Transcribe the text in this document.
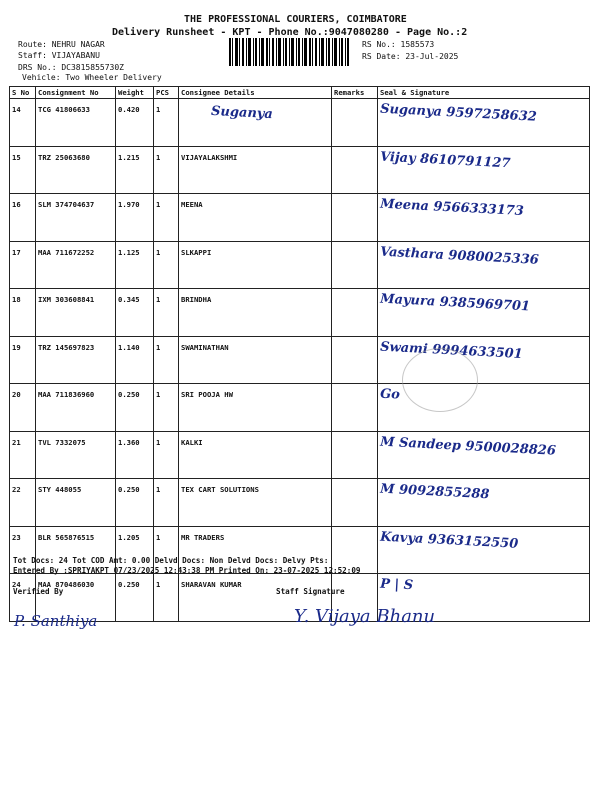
THE PROFESSIONAL COURIERS, COIMBATORE
Delivery Runsheet - KPT - Phone No.:9047080280 - Page No.:2
Route: NEHRU NAGAR
Staff: VIJAYABANU
DRS No.: DC3815855730Z
Vehicle: Two Wheeler Delivery
RS No.: 1585573
RS Date: 23-Jul-2025
S No	Consignment No	Weight	PCS	Consignee Details	Remarks	Seal & Signature
14	TCG 41806633	0.420	1	Suganya		Suganya 9597258632

15	TRZ 25063680	1.215	1	VIJAYALAKSHMI		Vijay 8610791127

16	SLM 374704637	1.970	1	MEENA		Meena 9566333173

17	MAA 711672252	1.125	1	SLKAPPI		Vasthara 9080025336

18	IXM 303608841	0.345	1	BRINDHA		Mayura 9385969701

19	TRZ 145697823	1.140	1	SWAMINATHAN		Swami 9994633501

20	MAA 711836960	0.250	1	SRI POOJA HW		Go

21	TVL 7332075	1.360	1	KALKI		M Sandeep 9500028826

22	STY 448055	0.250	1	TEX CART SOLUTIONS		M 9092855288

23	BLR 565876515	1.205	1	MR TRADERS		Kavya 9363152550

24	MAA 870486030	0.250	1	SHARAVAN KUMAR		P | S
Tot Docs: 24 Tot COD Amt: 0.00 Delvd Docs: Non Delvd Docs: Delvy Pts:
Entered By :SPRIYAKPT 07/23/2025 12:43:38 PM Printed On: 23-07-2025 12:52:09
Verified By	Staff Signature
P. Santhiya	Y. Vijaya Bhanu
